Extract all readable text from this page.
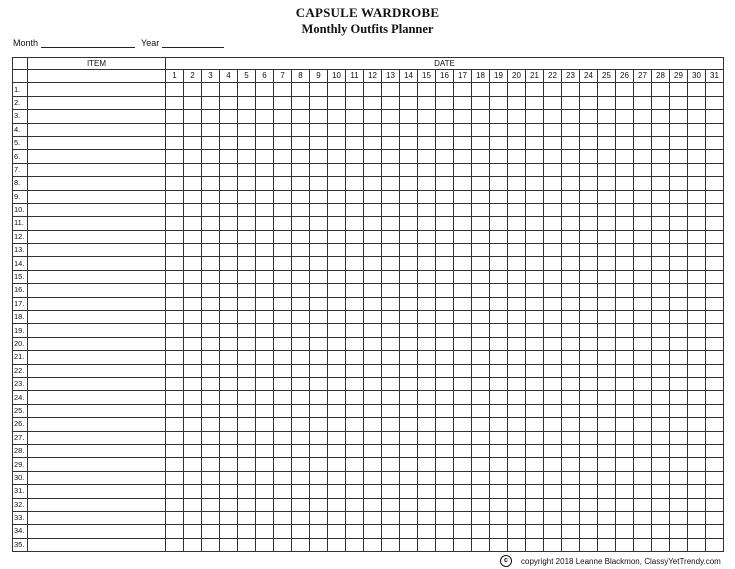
CAPSULE WARDROBE
Monthly Outfits Planner
Month	Year
	ITEM	DATE																														
		1	2	3	4	5	6	7	8	9	10	11	12	13	14	15	16	17	18	19	20	21	22	23	24	25	26	27	28	29	30	31
1.																																
2.																																
3.																																
4.																																
5.																																
6.																																
7.																																
8.																																
9.																																
10.																																
11.																																
12.																																
13.																																
14.																																
15.																																
16.																																
17.																																
18.																																
19.																																
20.																																
21.																																
22.																																
23.																																
24.																																
25.																																
26.																																
27.																																
28.																																
29.																																
30.																																
31.																																
32.																																
33.																																
34.																																
35.																																
c	copyright 2018 Leanne Blackmon, ClassyYetTrendy.com
